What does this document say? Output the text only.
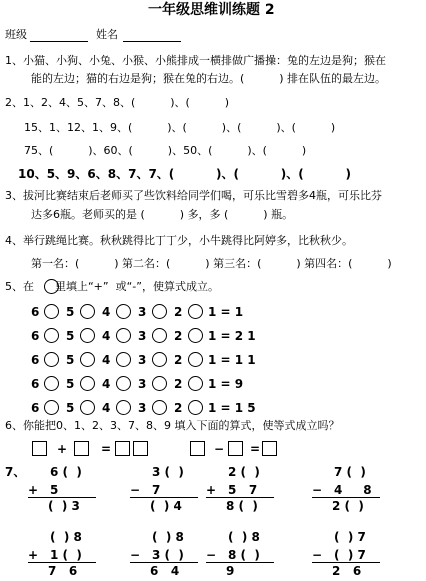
一年级思维训练题 2
班级	姓名
1、小猫、小狗、小兔、小猴、小熊排成一横排做广播操：兔的左边是狗；猴在
能的左边；猫的右边是狗；猴在兔的右边。(          ) 排在队伍的最左边。
2、1、2、4、5、7、8、(          )、(          )
15、1、12、1、9、(          )、(          )、(          )、(          )
75、(          )、60、(          )、50、(          )、(          )
10、5、9、6、8、7、7、(          )、(          )、(          )
3、拔河比赛结束后老师买了些饮料给同学们喝，可乐比雪碧多4瓶，可乐比芬
达多6瓶。老师买的是 (          ) 多，多 (          ) 瓶。
4、举行跳绳比赛。秋秋跳得比丁丁少，小牛跳得比阿婷多，比秋秋少。
第一名：(          ) 第二名：(          ) 第三名：(          ) 第四名：(          )
5、在      里填上“+”  或“-”，使算式成立。
6 5 4 3 2 1 = 1
6 5 4 3 2 1 = 2 1
6 5 4 3 2 1 = 1 1
6 5 4 3 2 1 = 9
6 5 4 3 2 1 = 1 5
6、你能把0、1、2、3、7、8、9 填入下面的算式，使等式成立吗？
+	=	− =
7、 6 (  )
+ 5
(  ) 3
3 (  )
− 7
(  ) 4
2 (  )
+ 5   7
8 (  )
7 (  )
− 4     8
2 (  )
(  ) 8
+ 1 (  )
7   6
(  ) 8
− 3 (  )
6   4
(  ) 8
− 8 (  )
9
(  ) 7
− (  ) 7
2   6
